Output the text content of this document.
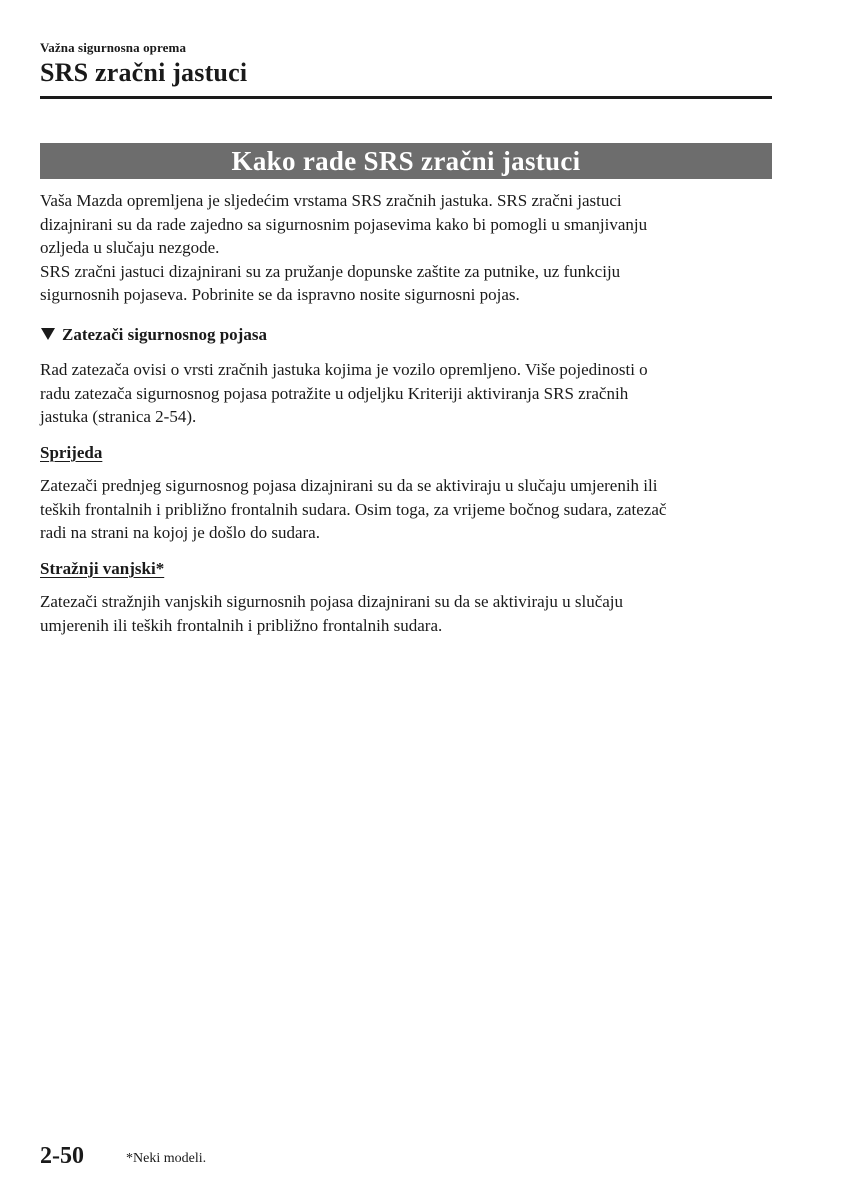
Važna sigurnosna oprema
SRS zračni jastuci
Kako rade SRS zračni jastuci

Vaša Mazda opremljena je sljedećim vrstama SRS zračnih jastuka. SRS zračni jastuci
dizajnirani su da rade zajedno sa sigurnosnim pojasevima kako bi pomogli u smanjivanju
ozljeda u slučaju nezgode.

SRS zračni jastuci dizajnirani su za pružanje dopunske zaštite za putnike, uz funkciju
sigurnosnih pojaseva. Pobrinite se da ispravno nosite sigurnosni pojas.

Zatezači sigurnosnog pojasa

Rad zatezača ovisi o vrsti zračnih jastuka kojima je vozilo opremljeno. Više pojedinosti o
radu zatezača sigurnosnog pojasa potražite u odjeljku Kriteriji aktiviranja SRS zračnih
jastuka (stranica 2-54).

Sprijeda

Zatezači prednjeg sigurnosnog pojasa dizajnirani su da se aktiviraju u slučaju umjerenih ili
teških frontalnih i približno frontalnih sudara. Osim toga, za vrijeme bočnog sudara, zatezač
radi na strani na kojoj je došlo do sudara.

Stražnji vanjski*

Zatezači stražnjih vanjskih sigurnosnih pojasa dizajnirani su da se aktiviraju u slučaju
umjerenih ili teških frontalnih i približno frontalnih sudara.

2-50	*Neki modeli.
